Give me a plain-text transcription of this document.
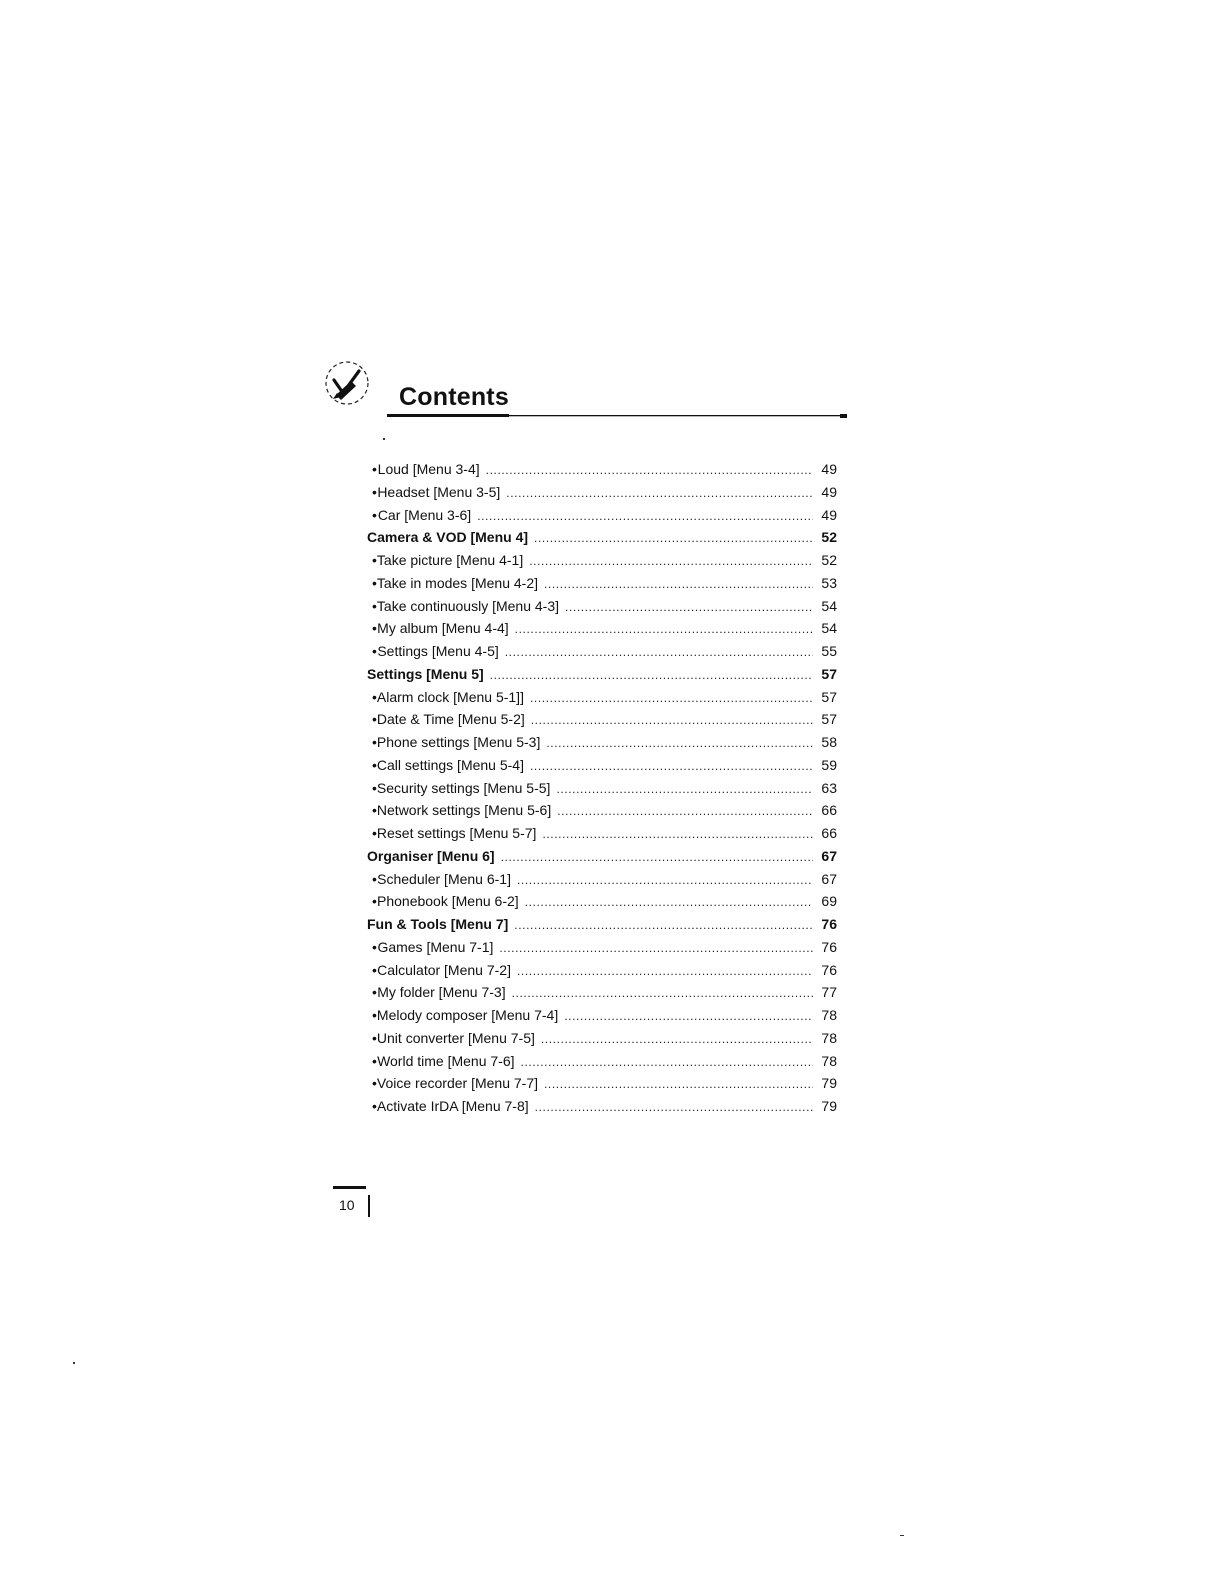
Contents
• Loud [Menu 3-4] .....	49
• Headset [Menu 3-5] .....	49
• Car [Menu 3-6] .....	49
Camera & VOD [Menu 4] .....	52
• Take picture [Menu 4-1] .....	52
• Take in modes [Menu 4-2] .....	53
• Take continuously [Menu 4-3] .....	54
• My album [Menu 4-4] .....	54
• Settings [Menu 4-5] .....	55
Settings [Menu 5] .....	57
• Alarm clock [Menu 5-1]] .....	57
• Date & Time [Menu 5-2] .....	57
• Phone settings [Menu 5-3] .....	58
• Call settings [Menu 5-4] .....	59
• Security settings [Menu 5-5] .....	63
• Network settings [Menu 5-6] .....	66
• Reset settings [Menu 5-7] .....	66
Organiser [Menu 6] .....	67
• Scheduler [Menu 6-1] .....	67
• Phonebook [Menu 6-2] .....	69
Fun & Tools [Menu 7] .....	76
• Games [Menu 7-1] .....	76
• Calculator [Menu 7-2] .....	76
• My folder [Menu 7-3] .....	77
• Melody composer [Menu 7-4] .....	78
• Unit converter [Menu 7-5] .....	78
• World time [Menu 7-6] .....	78
• Voice recorder [Menu 7-7] .....	79
• Activate IrDA [Menu 7-8] .....	79
10
